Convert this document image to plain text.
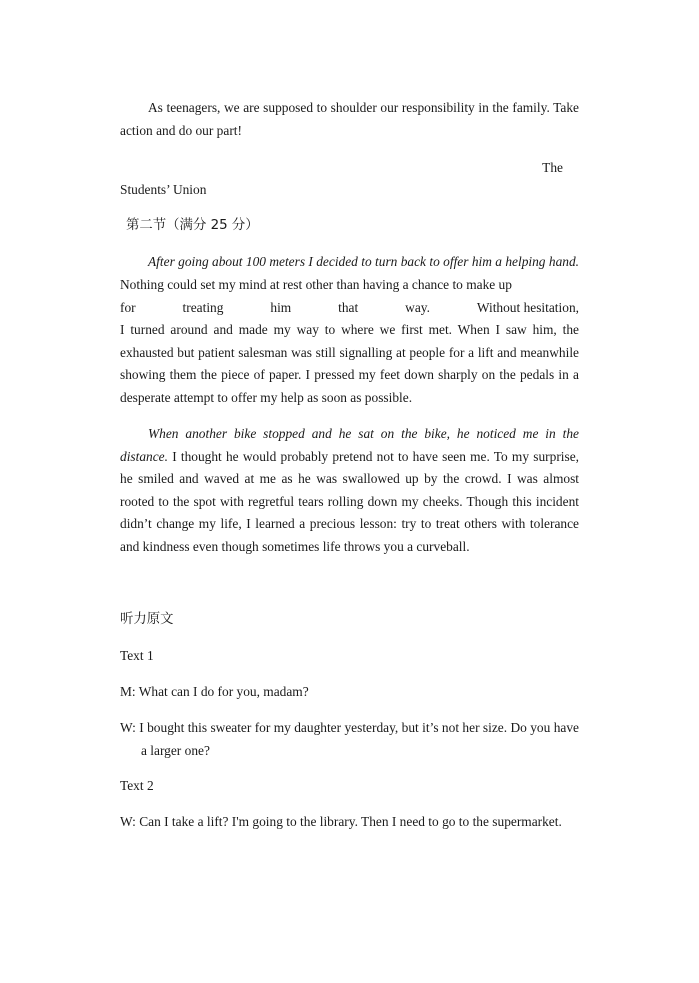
As teenagers, we are supposed to shoulder our responsibility in the family. Take action and do our part!

The

Students’ Union

第二节（满分 25 分）

After going about 100 meters I decided to turn back to offer him a helping hand. Nothing could set my mind at rest other than having a chance to make up

for	treating	him	that	way.	Without hesitation,

I turned around and made my way to where we first met. When I saw him, the exhausted but patient salesman was still signalling at people for a lift and meanwhile showing them the piece of paper. I pressed my feet down sharply on the pedals in a desperate attempt to offer my help as soon as possible.

When another bike stopped and he sat on the bike, he noticed me in the distance. I thought he would probably pretend not to have seen me. To my surprise, he smiled and waved at me as he was swallowed up by the crowd. I was almost rooted to the spot with regretful tears rolling down my cheeks. Though this incident didn’t change my life, I learned a precious lesson: try to treat others with tolerance and kindness even though sometimes life throws you a curveball.

听力原文

Text 1

M: What can I do for you, madam?

W: I bought this sweater for my daughter yesterday, but it’s not her size. Do you have a larger one?

Text 2

W: Can I take a lift? I'm going to the library. Then I need to go to the supermarket.
